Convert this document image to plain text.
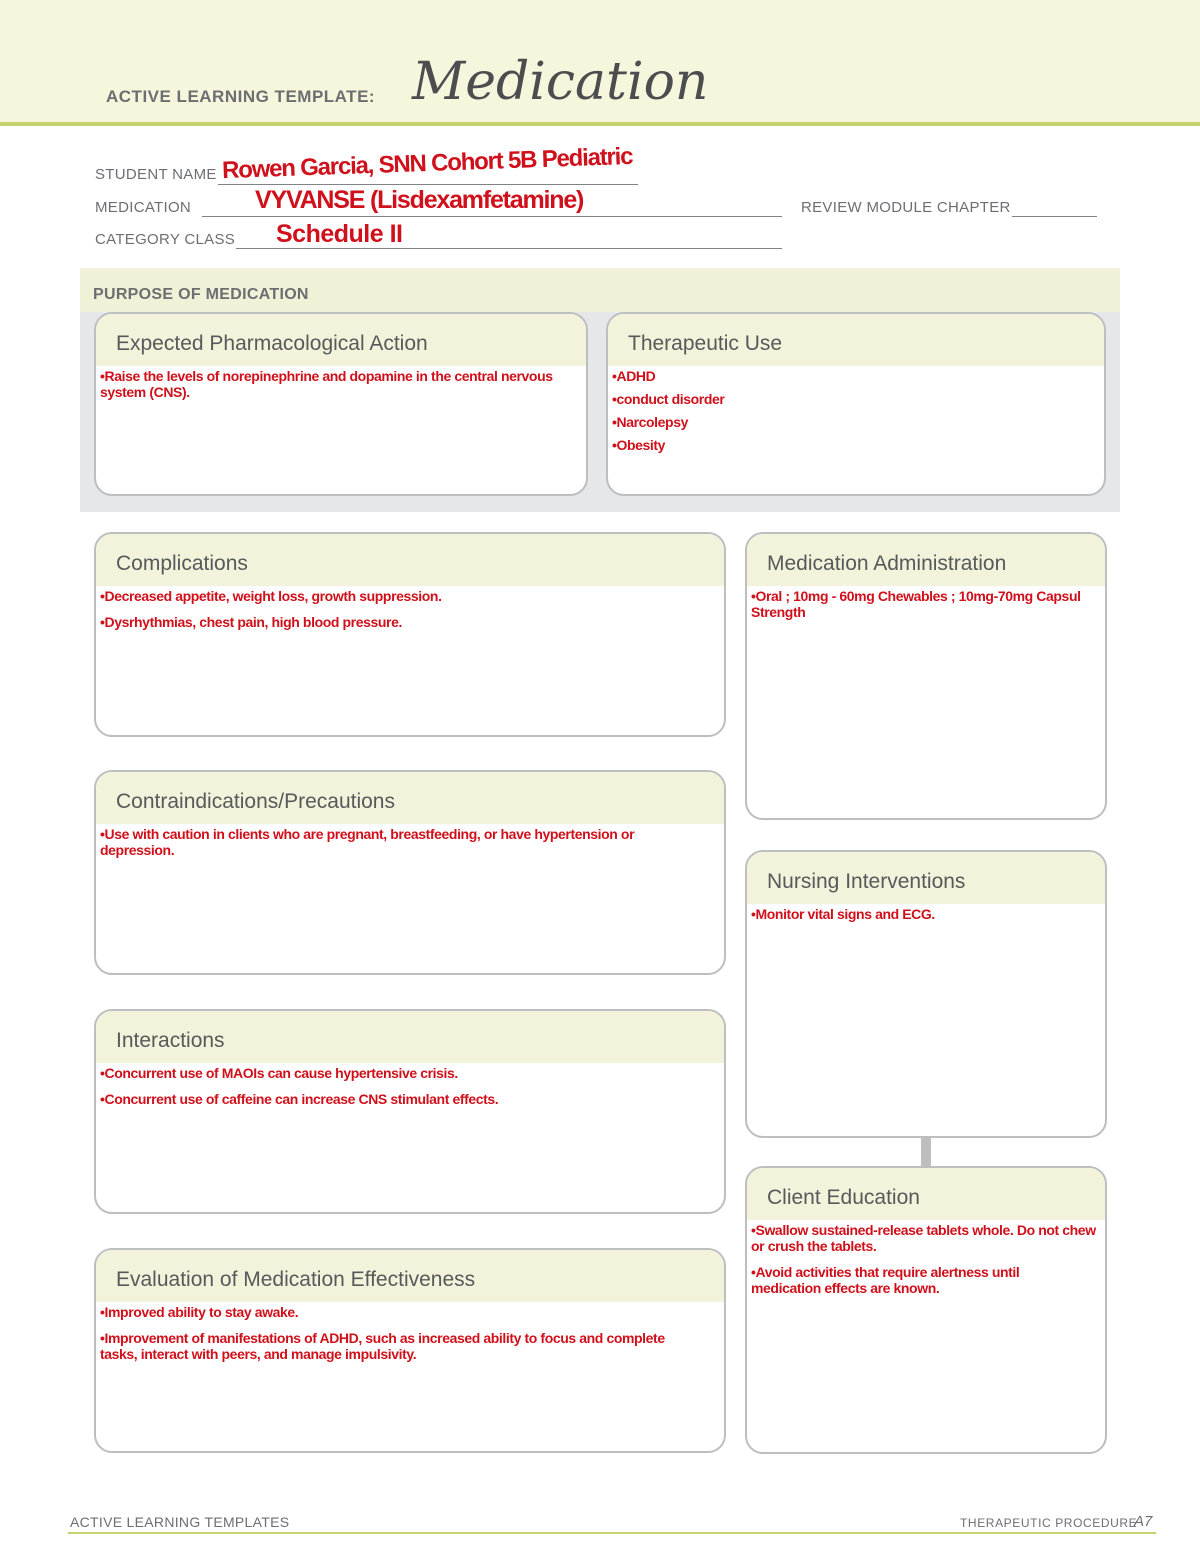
ACTIVE LEARNING TEMPLATE: Medication
STUDENT NAME Rowen Garcia, SNN Cohort 5B Pediatric
MEDICATION	VYVANSE (Lisdexamfetamine)	REVIEW MODULE CHAPTER
CATEGORY CLASS Schedule II
PURPOSE OF MEDICATION
Expected Pharmacological Action
•Raise the levels of norepinephrine and dopamine in the central nervous system (CNS).
Therapeutic Use
•ADHD
•conduct disorder
•Narcolepsy
•Obesity
Complications
•Decreased appetite, weight loss, growth suppression.
•Dysrhythmias, chest pain, high blood pressure.
Contraindications/Precautions
•Use with caution in clients who are pregnant, breastfeeding, or have hypertension or depression.
Interactions
•Concurrent use of MAOIs can cause hypertensive crisis.
•Concurrent use of caffeine can increase CNS stimulant effects.
Evaluation of Medication Effectiveness
•Improved ability to stay awake.
•Improvement of manifestations of ADHD, such as increased ability to focus and complete tasks, interact with peers, and manage impulsivity.
Medication Administration
•Oral ; 10mg - 60mg Chewables ; 10mg-70mg Capsul Strength
Nursing Interventions
•Monitor vital signs and ECG.
Client Education
•Swallow sustained-release tablets whole. Do not chew or crush the tablets.
•Avoid activities that require alertness until medication effects are known.
ACTIVE LEARNING TEMPLATES	THERAPEUTIC PROCEDURE
A7
